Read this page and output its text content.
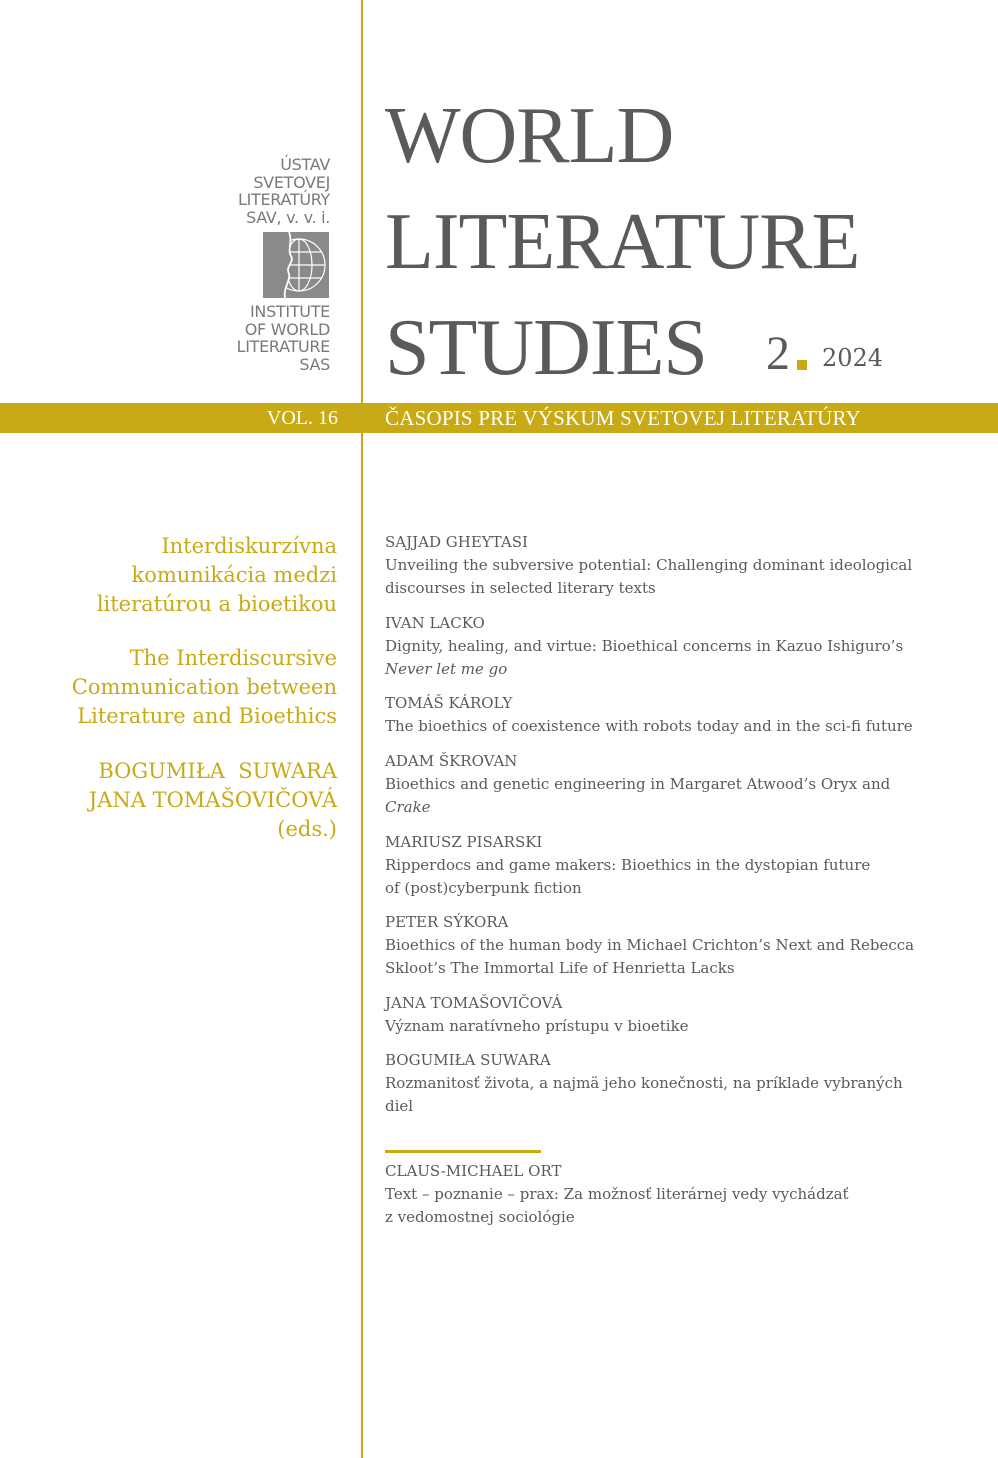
ÚSTAV
SVETOVEJ
LITERATÚRY
SAV, v. v. i.
INSTITUTE
OF WORLD
LITERATURE
SAS
WORLD
LITERATURE
STUDIES 2 2024
VOL. 16 ČASOPIS PRE VÝSKUM SVETOVEJ LITERATÚRY
Interdiskurzívna
komunikácia medzi
literatúrou a bioetikou
The Interdiscursive
Communication between
Literature and Bioethics
BOGUMIŁA  SUWARA
JANA TOMAŠOVIČOVÁ
(eds.)
SAJJAD GHEYTASI
Unveiling the subversive potential: Challenging dominant ideological
discourses in selected literary texts
IVAN LACKO
Dignity, healing, and virtue: Bioethical concerns in Kazuo Ishiguro’s
Never let me go
TOMÁŠ KÁROLY
The bioethics of coexistence with robots today and in the sci-fi future
ADAM ŠKROVAN
Bioethics and genetic engineering in Margaret Atwood’s Oryx and
Crake
MARIUSZ PISARSKI
Ripperdocs and game makers: Bioethics in the dystopian future
of (post)cyberpunk fiction
PETER SÝKORA
Bioethics of the human body in Michael Crichton’s Next and Rebecca
Skloot’s The Immortal Life of Henrietta Lacks
JANA TOMAŠOVIČOVÁ
Význam naratívneho prístupu v bioetike
BOGUMIŁA SUWARA
Rozmanitosť života, a najmä jeho konečnosti, na príklade vybraných
diel
CLAUS-MICHAEL ORT
Text – poznanie – prax: Za možnosť literárnej vedy vychádzať
z vedomostnej sociológie
